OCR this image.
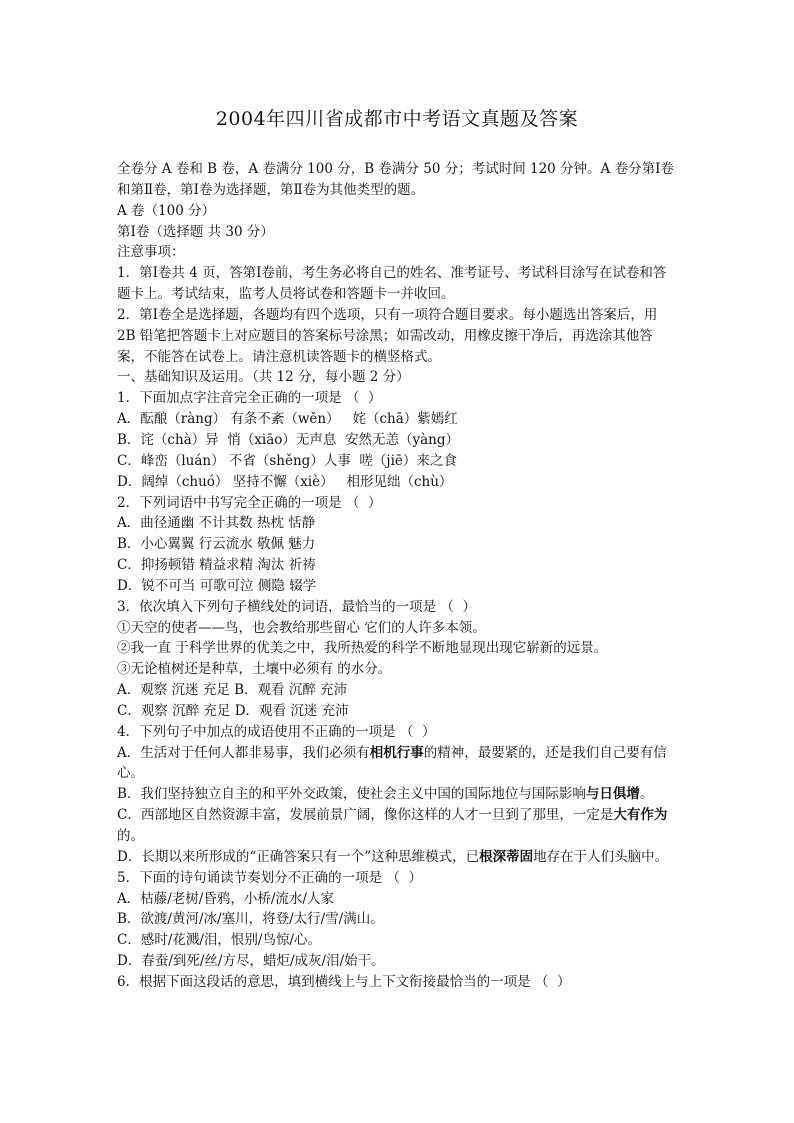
2004年四川省成都市中考语文真题及答案

全卷分 A 卷和 B 卷，A 卷满分 100 分，B 卷满分 50 分；考试时间 120 分钟。A 卷分第Ⅰ卷和第Ⅱ卷，第Ⅰ卷为选择题，第Ⅱ卷为其他类型的题。

A 卷（100 分）

第Ⅰ卷（选择题 共 30 分）

注意事项：

1．第Ⅰ卷共 4 页，答第Ⅰ卷前，考生务必将自己的姓名、准考证号、考试科目涂写在试卷和答题卡上。考试结束，监考人员将试卷和答题卡一并收回。

2．第Ⅰ卷全是选择题，各题均有四个选项，只有一项符合题目要求。每小题选出答案后，用 2B 铅笔把答题卡上对应题目的答案标号涂黑；如需改动，用橡皮擦干净后，再选涂其他答案，不能答在试卷上。请注意机读答题卡的横竖格式。

一、基础知识及运用。（共 12 分，每小题 2 分）

1．下面加点字注音完全正确的一项是 （  ）

A．酝酿（ràng） 有条不紊（wěn）   姹（chā）紫嫣红

B．诧（chà）异  悄（xiāo）无声息  安然无恙（yàng）

C．峰峦（luán） 不省（shěng）人事  嗟（jiē）来之食

D．阔绰（chuó） 坚持不懈（xiè）   相形见绌（chù）

2．下列词语中书写完全正确的一项是 （  ）

A．曲径通幽 不计其数 热枕 恬静

B．小心翼翼 行云流水 敬佩 魅力

C．抑扬顿错 精益求精 淘汰 祈祷

D．锐不可当 可歌可泣 侧隐 辍学

3．依次填入下列句子横线处的词语，最恰当的一项是 （  ）

①天空的使者——鸟，也会教给那些留心 它们的人许多本领。

②我一直 于科学世界的优美之中，我所热爱的科学不断地显现出现它崭新的远景。

③无论植树还是种草，土壤中必须有 的水分。

A．观察 沉迷 充足 B．观看 沉醉 充沛

C．观察 沉醉 充足 D．观看 沉迷 充沛

4．下列句子中加点的成语使用不正确的一项是 （  ）

A．生活对于任何人都非易事，我们必须有相机行事的精神，最要紧的，还是我们自己要有信心。

B．我们坚持独立自主的和平外交政策，使社会主义中国的国际地位与国际影响与日俱增。

C．西部地区自然资源丰富，发展前景广阔，像你这样的人才一旦到了那里，一定是大有作为的。

D．长期以来所形成的“正确答案只有一个”这种思维模式，已根深蒂固地存在于人们头脑中。

5．下面的诗句诵读节奏划分不正确的一项是 （  ）

A．枯藤/老树/昏鸦，小桥/流水/人家

B．欲渡/黄河/冰/塞川，将登/太行/雪/满山。

C．感时/花溅/泪，恨别/鸟惊/心。

D．春蚕/到死/丝/方尽，蜡炬/成灰/泪/始干。

6．根据下面这段话的意思，填到横线上与上下文衔接最恰当的一项是 （  ）
